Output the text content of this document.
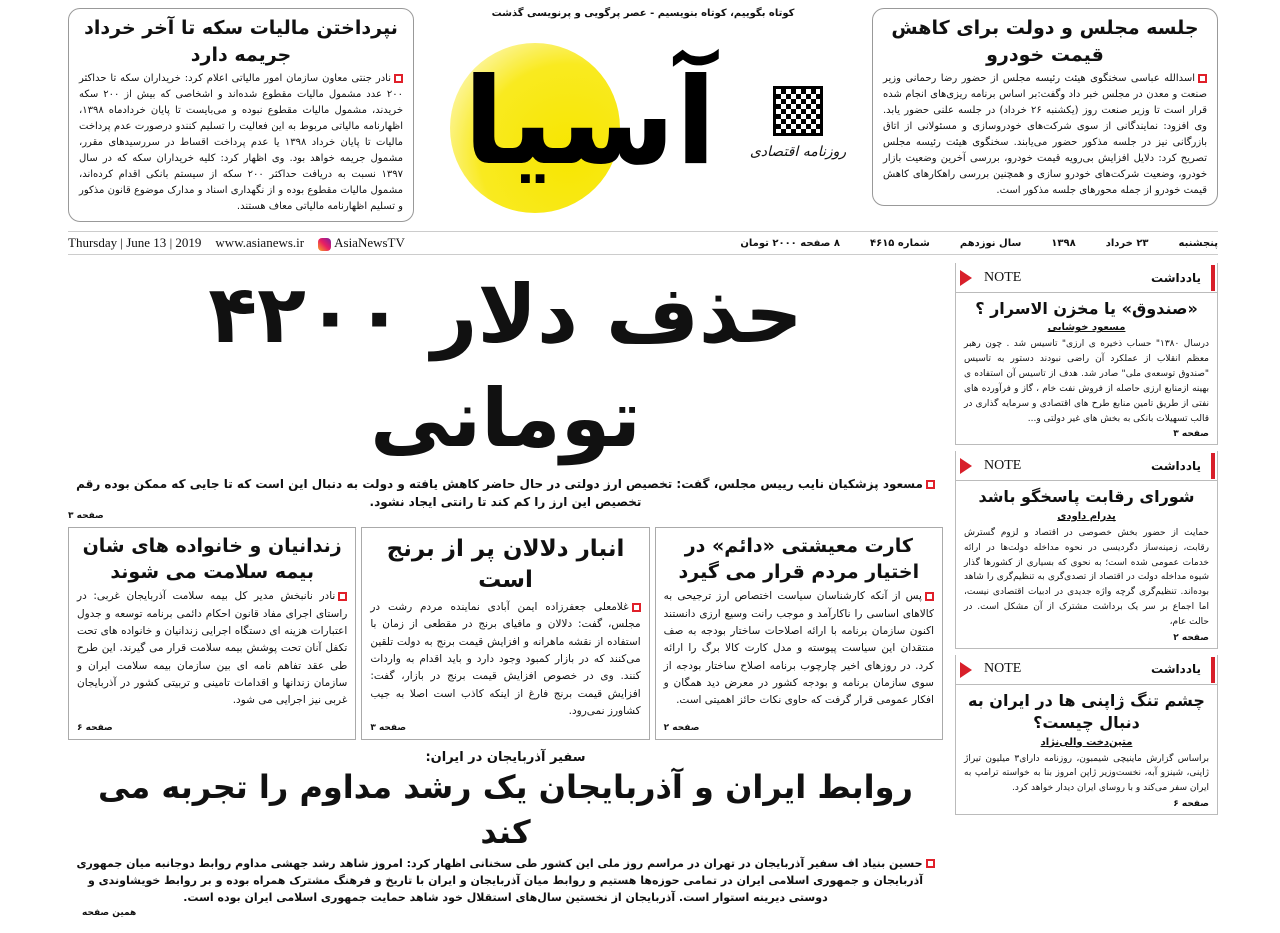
نپرداختن مالیات سکه تا آخر خرداد جریمه دارد
نادر جنتی معاون سازمان امور مالیاتی اعلام کرد: خریداران سکه تا حداکثر ۲۰۰ عدد مشمول مالیات مقطوع شده‌اند و اشخاصی که بیش از ۲۰۰ سکه خریدند، مشمول مالیات مقطوع نبوده و می‌بایست تا پایان خردادماه ۱۳۹۸، اظهارنامه مالیاتی مربوط به این فعالیت را تسلیم کنندو درصورت عدم پرداخت مالیات تا پایان خرداد ۱۳۹۸ یا عدم پرداخت اقساط در سررسیدهای مقرر، مشمول جریمه خواهد بود. وی اظهار کرد: کلیه خریداران سکه که در سال ۱۳۹۷ نسبت به دریافت حداکثر ۲۰۰ سکه از سیستم بانکی اقدام کرده‌اند، مشمول مالیات مقطوع بوده و از نگهداری اسناد و مدارک موضوع قانون مذکور و تسلیم اظهارنامه مالیاتی معاف هستند.
کوتاه بگوییم، کوتاه بنویسیم - عصر پرگویی و پرنویسی گذشت
آسیا	روزنامه اقتصادی
جلسه مجلس و دولت برای کاهش قیمت خودرو
اسدالله عباسی سخنگوی هیئت رئیسه مجلس از حضور رضا رحمانی وزیر صنعت و معدن در مجلس خبر داد وگفت:بر اساس برنامه ریزی‌های انجام شده قرار است تا وزیر صنعت روز (یکشنبه ۲۶ خرداد) در جلسه علنی حضور یابد. وی افزود: نمایندگانی از سوی شرکت‌های خودروسازی و مسئولانی از اتاق بازرگانی نیز در جلسه مذکور حضور می‌یابند. سخنگوی هیئت رئیسه مجلس تصریح کرد: دلایل افزایش بی‌رویه قیمت خودرو، بررسی آخرین وضعیت بازار خودرو، وضعیت شرکت‌های خودرو سازی و همچنین بررسی راهکارهای کاهش قیمت خودرو از جمله محورهای جلسه مذکور است.
Thursday | June 13 | 2019 www.asianews.ir	AsiaNewsTV	پنجشنبه
۲۳ خرداد
۱۳۹۸
سال نوزدهم
شماره ۴۶۱۵
۸ صفحه ۲۰۰۰ تومان
حذف دلار ۴۲۰۰ تومانی
مسعود پزشکیان نایب رییس مجلس، گفت: تخصیص ارز دولتی در حال حاضر کاهش یافته و دولت به دنبال این است که تا جایی که ممکن بوده رقم تخصیص این ارز را کم کند تا رانتی ایجاد نشود.
صفحه ۳
زندانیان و خانواده های شان بیمه سلامت می شوند
نادر نانبخش مدیر کل بیمه سلامت آذربایجان غربی: در راستای اجرای مفاد قانون احکام دائمی برنامه توسعه و جدول اعتبارات هزینه ای دستگاه اجرایی زندانیان و خانواده های تحت تکفل آنان تحت پوشش بیمه سلامت قرار می گیرند. این طرح طی عقد تفاهم نامه ای بین سازمان بیمه سلامت ایران و سازمان زندانها و اقدامات تامینی و تربیتی کشور در آذربایجان غربی نیز اجرایی می شود.
صفحه ۶
انبار دلالان پر از برنج است
غلامعلی جعفرزاده ایمن آبادی نماینده مردم رشت در مجلس، گفت: دلالان و مافیای برنج در مقطعی از زمان با استفاده از نقشه ماهرانه و افزایش قیمت برنج به دولت تلقین می‌کنند که در بازار کمبود وجود دارد و باید اقدام به واردات کنند. وی در خصوص افزایش قیمت برنج در بازار، گفت: افزایش قیمت برنج فارغ از اینکه کاذب است اصلا به جیب کشاورز نمی‌رود.
صفحه ۳
کارت معیشتی «دائم» در اختیار مردم قرار می گیرد
پس از آنکه کارشناسان سیاست اختصاص ارز ترجیحی به کالاهای اساسی را ناکارآمد و موجب رانت وسیع ارزی دانستند اکنون سازمان برنامه با ارائه اصلاحات ساختار بودجه به صف منتقدان این سیاست پیوسته و مدل کارت کالا برگ را ارائه کرد. در روزهای اخیر چارچوب برنامه اصلاح ساختار بودجه از سوی سازمان برنامه و بودجه کشور در معرض دید همگان و افکار عمومی قرار گرفت که حاوی نکات حائز اهمیتی است.
صفحه ۲
سفیر آذربایجان در ایران:
روابط ایران و آذربایجان یک رشد مداوم را تجربه می کند
حسین بنیاد اف سفیر آذربایجان در تهران در مراسم روز ملی این کشور طی سخنانی اظهار کرد: امروز شاهد رشد جهشی مداوم روابط دوجانبه میان جمهوری آذربایجان و جمهوری اسلامی ایران در تمامی حوزه‌ها هستیم و روابط میان آذربایجان و ایران با تاریخ و فرهنگ مشترک همراه بوده و بر روابط خویشاوندی و دوستی دیرینه استوار است. آذربایجان از نخستین سال‌های استقلال خود شاهد حمایت جمهوری اسلامی ایران بوده است.
همین صفحه
NOTE	یادداشت
«صندوق» یا مخزن الاسرار ؟
مسعود خوشابی
درسال ۱۳۸۰" حساب ذخیره ی ارزی" تاسیس شد . چون رهبر معظم انقلاب از عملکرد آن راضی نبودند دستور به تاسیس "صندوق توسعه‌ی ملی" صادر شد. هدف از تاسیس آن استفاده ی بهینه ازمنابع ارزی حاصله از فروش نفت خام ، گاز و فرآورده های نفتی از طریق تامین منابع طرح های اقتصادی و سرمایه گذاری در قالب تسهیلات بانکی به بخش های غیر دولتی و...
صفحه ۳
NOTE	یادداشت
شورای رقابت پاسخگو باشد
پدرام داودی
حمایت از حضور بخش خصوصی در اقتصاد و لزوم گسترش رقابت، زمینه‌ساز دگردیسی در نحوه مداخله دولت‌ها در ارائه خدمات عمومی شده است؛ به نحوی که بسیاری از کشورها گذار شیوه مداخله دولت در اقتصاد از تصدی‌گری به تنظیم‌گری را شاهد بوده‌اند. تنظیم‌گری گرچه واژه جدیدی در ادبیات اقتصادی نیست، اما اجماع بر سر یک برداشت مشترک از آن مشکل است. در حالت عام،
صفحه ۲
NOTE	یادداشت
چشم تنگ ژاپنی ها در ایران به دنبال چیست؟
متین‌دخت والی‌نژاد
براساس گزارش ماینیچی شیمبون، روزنامه دارای۳ میلیون تیراژ ژاپنی، شینزو آبه، نخست‌وزیر ژاپن امروز بنا به خواسته ترامپ به ایران سفر می‌کند و با روسای ایران دیدار خواهد کرد.
صفحه ۶
